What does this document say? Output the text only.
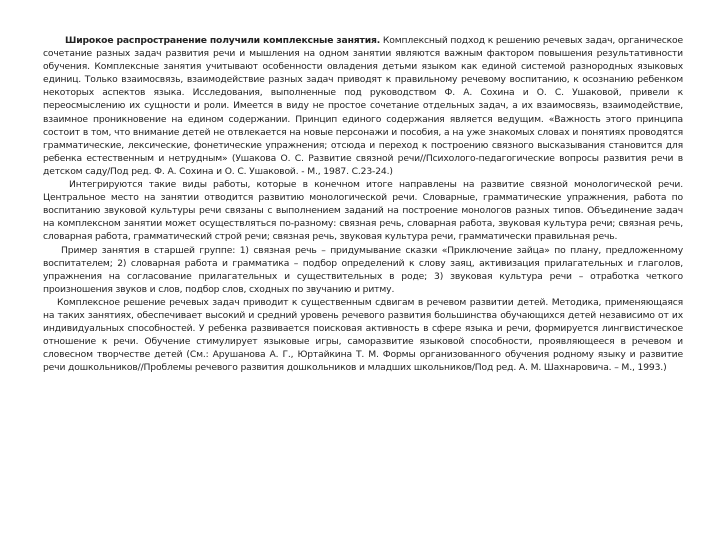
Широкое распространение получили комплексные занятия. Комплексный подход к решению речевых задач, органическое сочетание разных задач развития речи и мышления на одном занятии являются важным фактором повышения результативности обучения. Комплексные занятия учитывают особенности овладения детьми языком как единой системой разнородных языковых единиц. Только взаимосвязь, взаимодействие разных задач приводят к правильному речевому воспитанию, к осознанию ребенком некоторых аспектов языка. Исследования, выполненные под руководством Ф. А. Сохина и О. С. Ушаковой, привели к переосмыслению их сущности и роли. Имеется в виду не простое сочетание отдельных задач, а их взаимосвязь, взаимодействие, взаимное проникновение на едином содержании. Принцип единого содержания является ведущим. «Важность этого принципа состоит в том, что внимание детей не отвлекается на новые персонажи и пособия, а на уже знакомых словах и понятиях проводятся грамматические, лексические, фонетические упражнения; отсюда и переход к построению связного высказывания становится для ребенка естественным и нетрудным» (Ушакова О. С. Развитие связной речи//Психолого-педагогические вопросы развития речи в детском саду/Под ред. Ф. А. Сохина и О. С. Ушаковой. - М., 1987. С.23-24.)

Интегрируются такие виды работы, которые в конечном итоге направлены на развитие связной монологической речи. Центральное место на занятии отводится развитию монологической речи. Словарные, грамматические упражнения, работа по воспитанию звуковой культуры речи связаны с выполнением заданий на построение монологов разных типов. Объединение задач на комплексном занятии может осуществляться по-разному: связная речь, словарная работа, звуковая культура речи; связная речь, словарная работа, грамматический строй речи; связная речь, звуковая культура речи, грамматически правильная речь.

Пример занятия в старшей группе: 1) связная речь – придумывание сказки «Приключение зайца» по плану, предложенному воспитателем; 2) словарная работа и грамматика – подбор определений к слову заяц, активизация прилагательных и глаголов, упражнения на согласование прилагательных и существительных в роде; 3) звуковая культура речи – отработка четкого произношения звуков и слов, подбор слов, сходных по звучанию и ритму.

Комплексное решение речевых задач приводит к существенным сдвигам в речевом развитии детей. Методика, применяющаяся на таких занятиях, обеспечивает высокий и средний уровень речевого развития большинства обучающихся детей независимо от их индивидуальных способностей. У ребенка развивается поисковая активность в сфере языка и речи, формируется лингвистическое отношение к речи. Обучение стимулирует языковые игры, саморазвитие языковой способности, проявляющееся в речевом и словесном творчестве детей (См.: Арушанова А. Г., Юртайкина Т. М. Формы организованного обучения родному языку и развитие речи дошкольников//Проблемы речевого развития дошкольников и младших школьников/Под ред. А. М. Шахнаровича. – М., 1993.)
